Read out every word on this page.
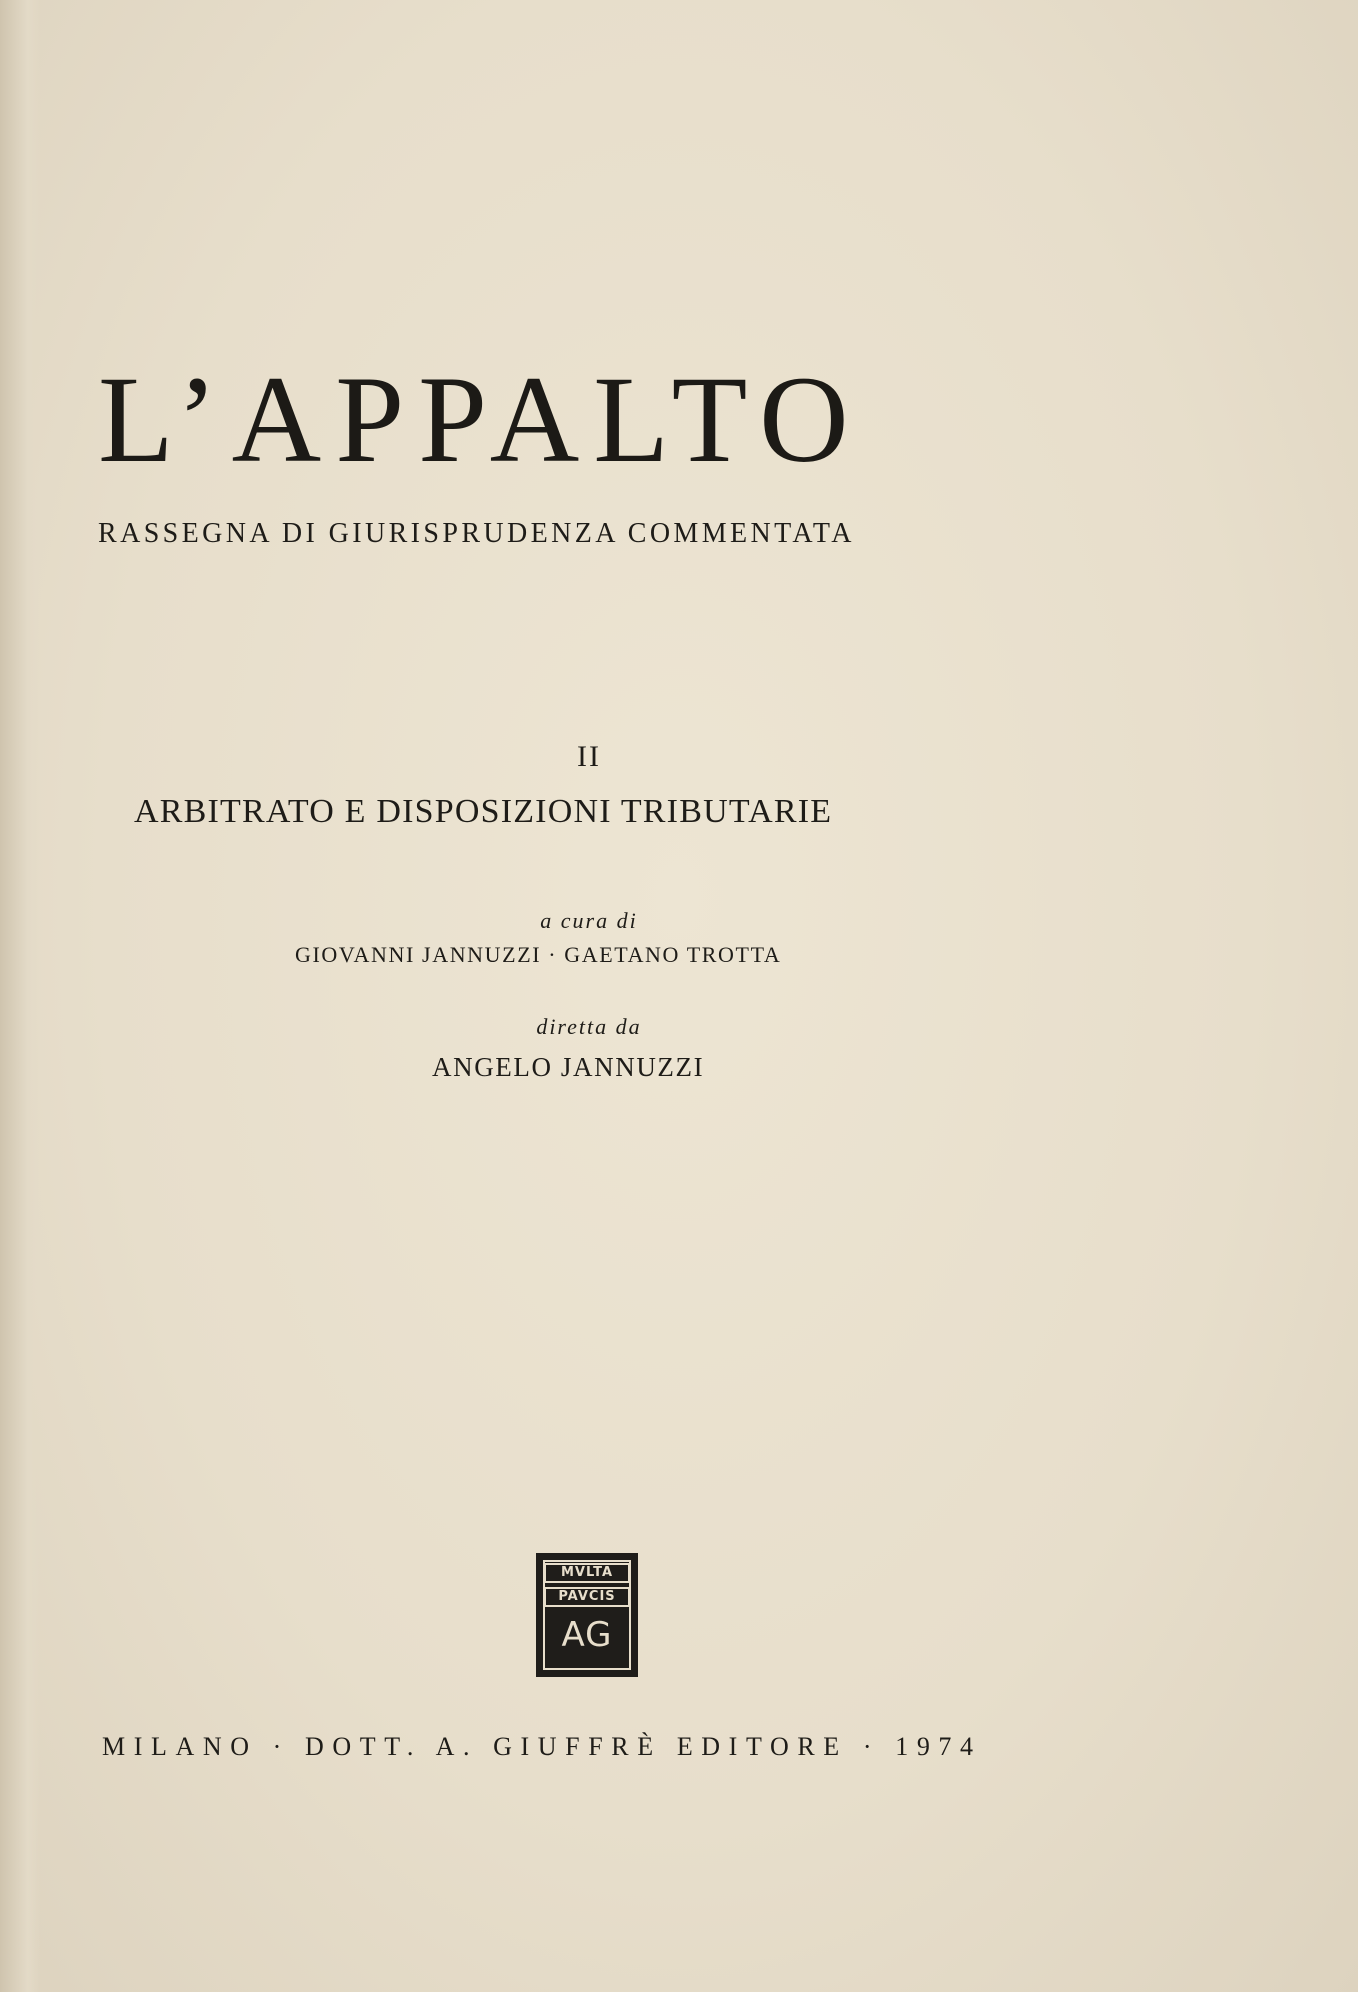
L’APPALTO
RASSEGNA DI GIURISPRUDENZA COMMENTATA
II
ARBITRATO E DISPOSIZIONI TRIBUTARIE
a cura di
GIOVANNI JANNUZZI · GAETANO TROTTA
diretta da
ANGELO JANNUZZI
MVLTA
PAVCIS
AG
MILANO · DOTT. A. GIUFFRÈ EDITORE · 1974
